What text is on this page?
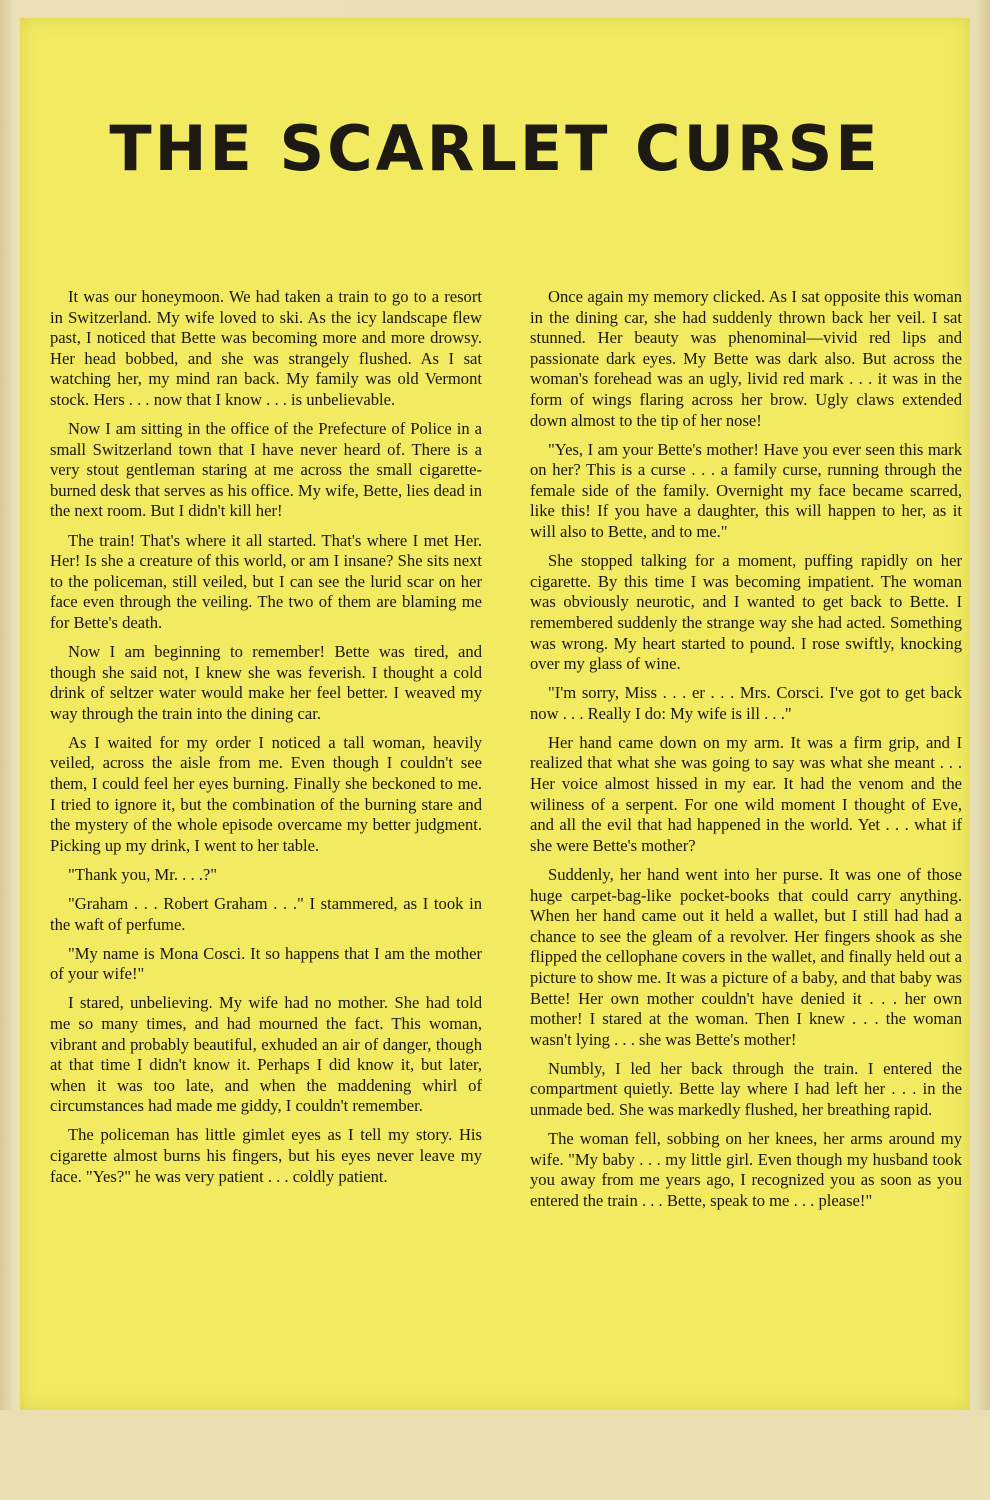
THE SCARLET CURSE

It was our honeymoon. We had taken a train to go to a resort in Switzerland. My wife loved to ski. As the icy landscape flew past, I noticed that Bette was becoming more and more drowsy. Her head bobbed, and she was strangely flushed. As I sat watching her, my mind ran back. My family was old Vermont stock. Hers . . . now that I know . . . is unbelievable.

Now I am sitting in the office of the Prefecture of Police in a small Switzerland town that I have never heard of. There is a very stout gentleman staring at me across the small cigarette-burned desk that serves as his office. My wife, Bette, lies dead in the next room. But I didn't kill her!

The train! That's where it all started. That's where I met Her. Her! Is she a creature of this world, or am I insane? She sits next to the policeman, still veiled, but I can see the lurid scar on her face even through the veiling. The two of them are blaming me for Bette's death.

Now I am beginning to remember! Bette was tired, and though she said not, I knew she was feverish. I thought a cold drink of seltzer water would make her feel better. I weaved my way through the train into the dining car.

As I waited for my order I noticed a tall woman, heavily veiled, across the aisle from me. Even though I couldn't see them, I could feel her eyes burning. Finally she beckoned to me. I tried to ignore it, but the combination of the burning stare and the mystery of the whole episode overcame my better judgment. Picking up my drink, I went to her table.

"Thank you, Mr. . . .?"

"Graham . . . Robert Graham . . ." I stammered, as I took in the waft of perfume.

"My name is Mona Cosci. It so happens that I am the mother of your wife!"

I stared, unbelieving. My wife had no mother. She had told me so many times, and had mourned the fact. This woman, vibrant and probably beautiful, exhuded an air of danger, though at that time I didn't know it. Perhaps I did know it, but later, when it was too late, and when the maddening whirl of circumstances had made me giddy, I couldn't remember.

The policeman has little gimlet eyes as I tell my story. His cigarette almost burns his fingers, but his eyes never leave my face. "Yes?" he was very patient . . . coldly patient.

Once again my memory clicked. As I sat opposite this woman in the dining car, she had suddenly thrown back her veil. I sat stunned. Her beauty was phenominal—vivid red lips and passionate dark eyes. My Bette was dark also. But across the woman's forehead was an ugly, livid red mark . . . it was in the form of wings flaring across her brow. Ugly claws extended down almost to the tip of her nose!

"Yes, I am your Bette's mother! Have you ever seen this mark on her? This is a curse . . . a family curse, running through the female side of the family. Overnight my face became scarred, like this! If you have a daughter, this will happen to her, as it will also to Bette, and to me."

She stopped talking for a moment, puffing rapidly on her cigarette. By this time I was becoming impatient. The woman was obviously neurotic, and I wanted to get back to Bette. I remembered suddenly the strange way she had acted. Something was wrong. My heart started to pound. I rose swiftly, knocking over my glass of wine.

"I'm sorry, Miss . . . er . . . Mrs. Corsci. I've got to get back now . . . Really I do: My wife is ill . . ."

Her hand came down on my arm. It was a firm grip, and I realized that what she was going to say was what she meant . . . Her voice almost hissed in my ear. It had the venom and the wiliness of a serpent. For one wild moment I thought of Eve, and all the evil that had happened in the world. Yet . . . what if she were Bette's mother?

Suddenly, her hand went into her purse. It was one of those huge carpet-bag-like pocket-books that could carry anything. When her hand came out it held a wallet, but I still had had a chance to see the gleam of a revolver. Her fingers shook as she flipped the cellophane covers in the wallet, and finally held out a picture to show me. It was a picture of a baby, and that baby was Bette! Her own mother couldn't have denied it . . . her own mother! I stared at the woman. Then I knew . . . the woman wasn't lying . . . she was Bette's mother!

Numbly, I led her back through the train. I entered the compartment quietly. Bette lay where I had left her . . . in the unmade bed. She was markedly flushed, her breathing rapid.

The woman fell, sobbing on her knees, her arms around my wife. "My baby . . . my little girl. Even though my husband took you away from me years ago, I recognized you as soon as you entered the train . . . Bette, speak to me . . . please!"
